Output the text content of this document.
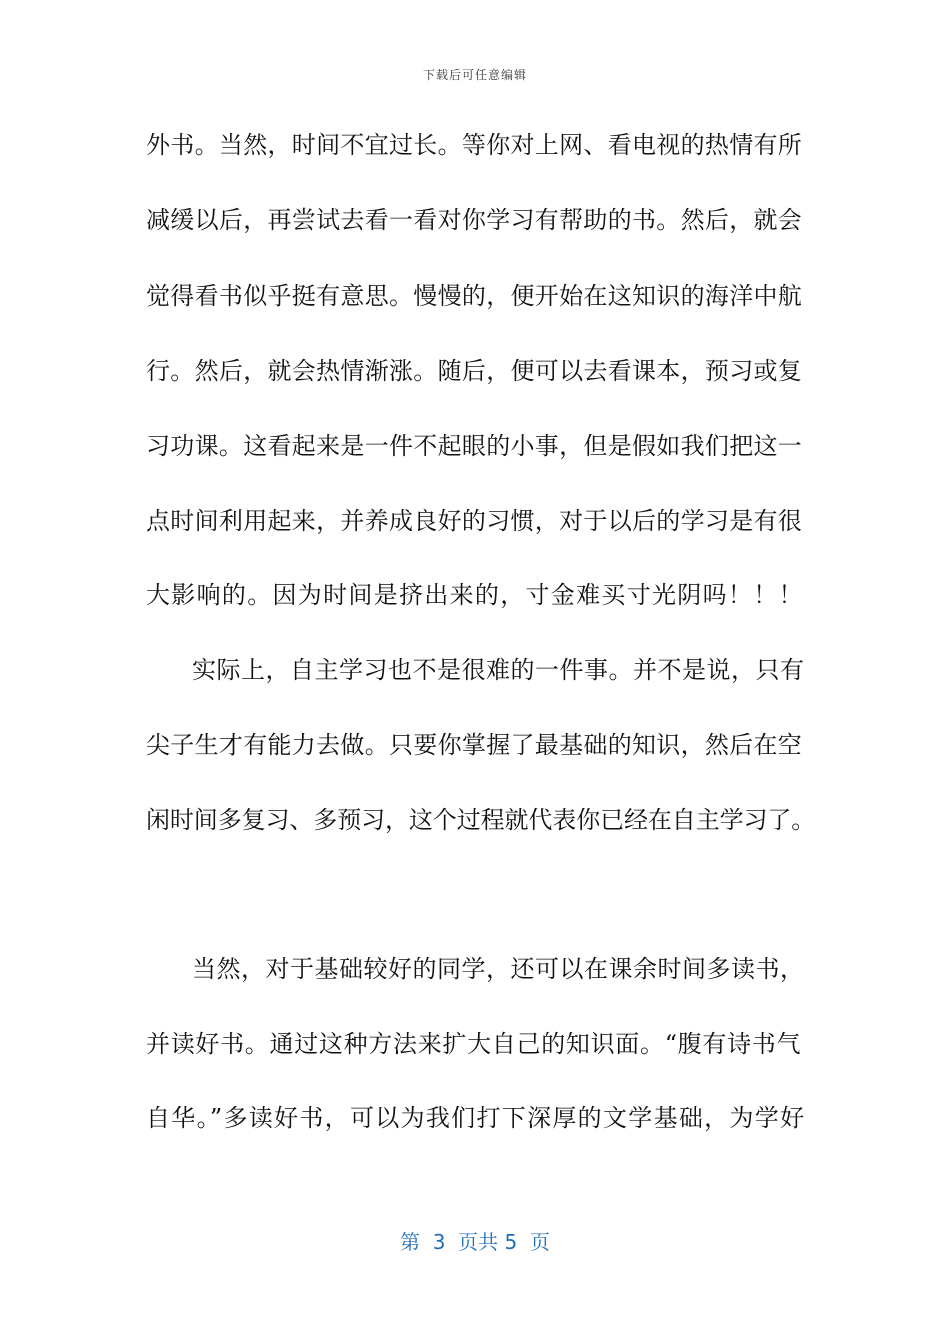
下载后可任意编辑
外书。当然，时间不宜过长。等你对上网、看电视的热情有所
减缓以后，再尝试去看一看对你学习有帮助的书。然后，就会
觉得看书似乎挺有意思。慢慢的，便开始在这知识的海洋中航
行。然后，就会热情渐涨。随后，便可以去看课本，预习或复
习功课。这看起来是一件不起眼的小事，但是假如我们把这一
点时间利用起来，并养成良好的习惯，对于以后的学习是有很
大影响的。因为时间是挤出来的，寸金难买寸光阴吗！！！
实际上，自主学习也不是很难的一件事。并不是说，只有
尖子生才有能力去做。只要你掌握了最基础的知识，然后在空
闲时间多复习、多预习，这个过程就代表你已经在自主学习了。
当然，对于基础较好的同学，还可以在课余时间多读书，
并读好书。通过这种方法来扩大自己的知识面。“腹有诗书气
自华。”多读好书，可以为我们打下深厚的文学基础，为学好
第  3  页共 5  页
